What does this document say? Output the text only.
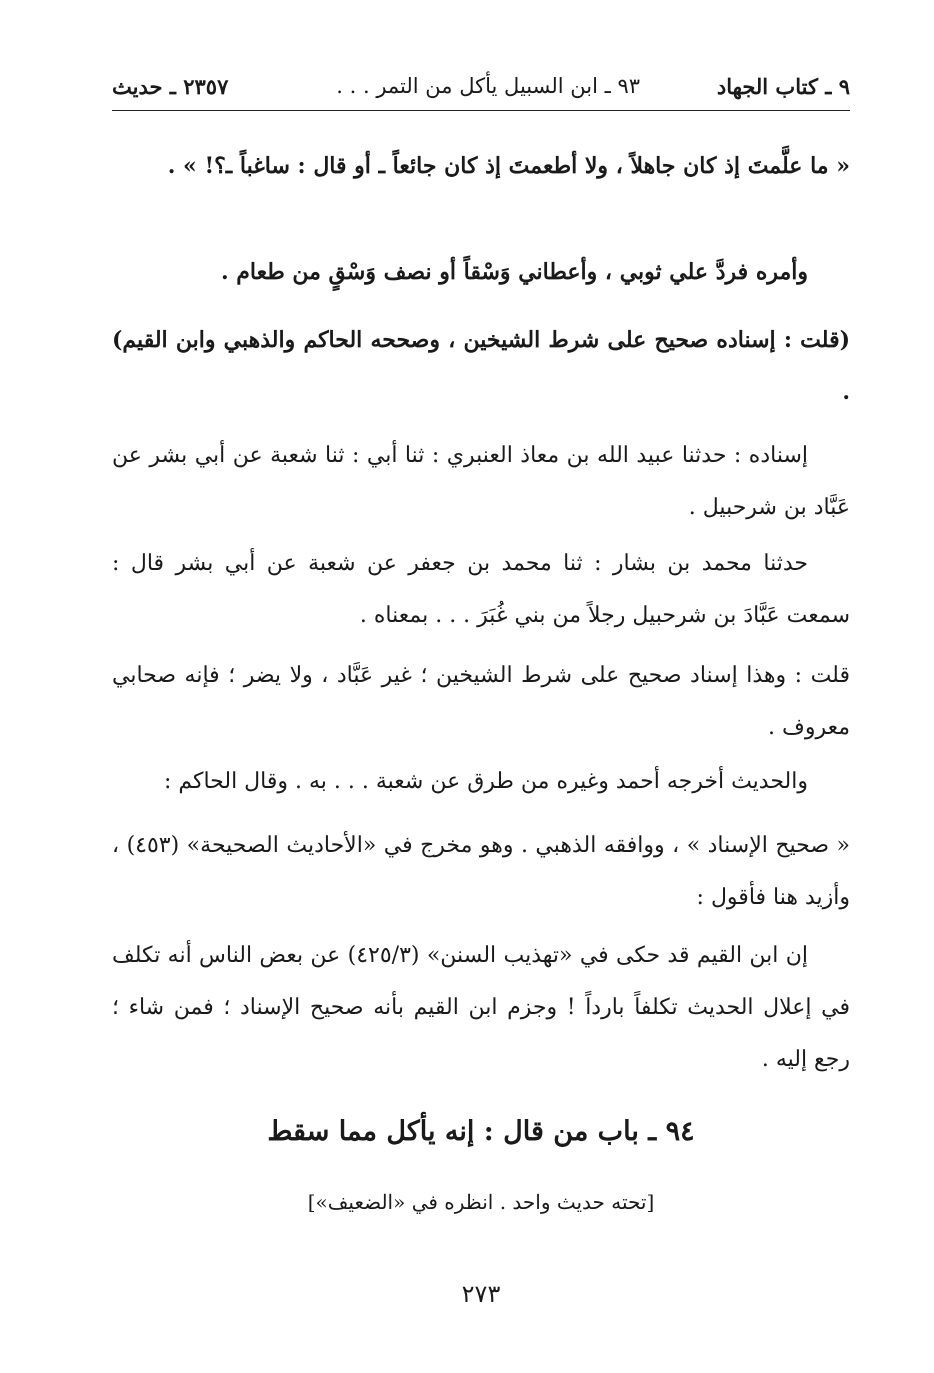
٩ ـ كتاب الجهاد
٩٣ ـ ابن السبيل يأكل من التمر . . .
٢٣٥٧ ـ حديث

« ما علَّمتَ إذ كان جاهلاً ، ولا أطعمتَ إذ كان جائعاً ـ أو قال : ساغباً ـ؟! » .

وأمره فردَّ علي ثوبي ، وأعطاني وَسْقاً أو نصف وَسْقٍ من طعام .

(قلت : إسناده صحيح على شرط الشيخين ، وصححه الحاكم والذهبي وابن القيم) .

إسناده : حدثنا عبيد الله بن معاذ العنبري : ثنا أبي : ثنا شعبة عن أبي بشر عن عَبَّاد بن شرحبيل .

حدثنا محمد بن بشار : ثنا محمد بن جعفر عن شعبة عن أبي بشر قال : سمعت عَبَّادَ بن شرحبيل رجلاً من بني غُبَرَ . . . بمعناه .

قلت : وهذا إسناد صحيح على شرط الشيخين ؛ غير عَبَّاد ، ولا يضر ؛ فإنه صحابي معروف .

والحديث أخرجه أحمد وغيره من طرق عن شعبة . . . به . وقال الحاكم :

« صحيح الإسناد » ، ووافقه الذهبي . وهو مخرج في «الأحاديث الصحيحة» (٤٥٣) ، وأزيد هنا فأقول :

إن ابن القيم قد حكى في «تهذيب السنن» (٤٢٥/٣) عن بعض الناس أنه تكلف في إعلال الحديث تكلفاً بارداً ! وجزم ابن القيم بأنه صحيح الإسناد ؛ فمن شاء ؛ رجع إليه .

٩٤ ـ باب من قال : إنه يأكل مما سقط

[تحته حديث واحد . انظره في «الضعيف»]

٢٧٣
